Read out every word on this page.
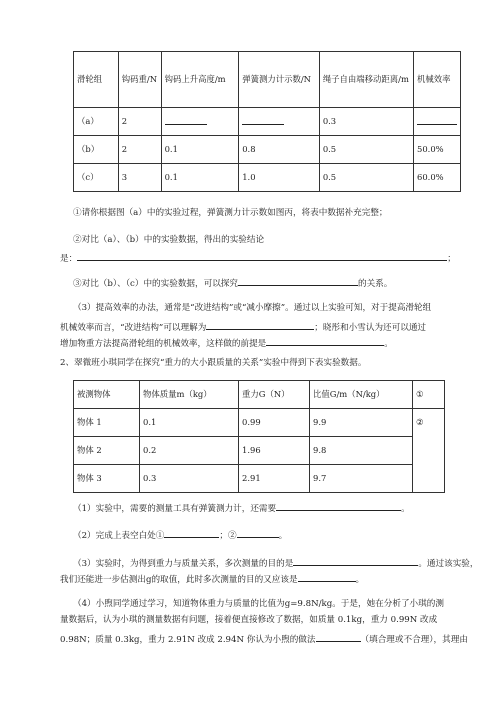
滑轮组	钩码重/N	钩码上升高度/m	弹簧测力计示数/N	绳子自由端移动距离/m	机械效率
（a）	2			0.3	
（b）	2	0.1	0.8	0.5	50.0%
（c）	3	0.1	1.0	0.5	60.0%
①请你根据图（a）中的实验过程，弹簧测力计示数如图丙，将表中数据补充完整；
②对比（a）、（b）中的实验数据，得出的实验结论
是：	；
③对比（b）、（c）中的实验数据，可以探究	的关系。
（3）提高效率的办法，通常是“改进结构”或“减小摩擦”。通过以上实验可知，对于提高滑轮组
机械效率而言，“改进结构”可以理解为	；晓彤和小雪认为还可以通过
增加物重方法提高滑轮组的机械效率，这样做的前提是	。
2、翠微班小琪同学在探究“重力的大小跟质量的关系”实验中得到下表实验数据。
被测物体	物体质量m（kg）	重力G（N）	比值G/m（N/kg）	①
物体 1	0.1	0.99	9.9	②
物体 2	0.2	1.96	9.8	
物体 3	0.3	2.91	9.7	
（1）实验中，需要的测量工具有弹簧测力计，还需要	。
（2）完成上表空白处①	；②	。
（3）实验时，为得到重力与质量关系，多次测量的目的是	。通过该实验，
我们还能进一步估测出g的取值，此时多次测量的目的又应该是	。
（4）小煦同学通过学习，知道物体重力与质量的比值为g=9.8N/kg。于是，她在分析了小琪的测
量数据后，认为小琪的测量数据有问题，接着便直接修改了数据，如质量 0.1kg，重力 0.99N 改成
0.98N；质量 0.3kg，重力 2.91N 改成 2.94N 你认为小煦的做法	（填合理或不合理），其理由
